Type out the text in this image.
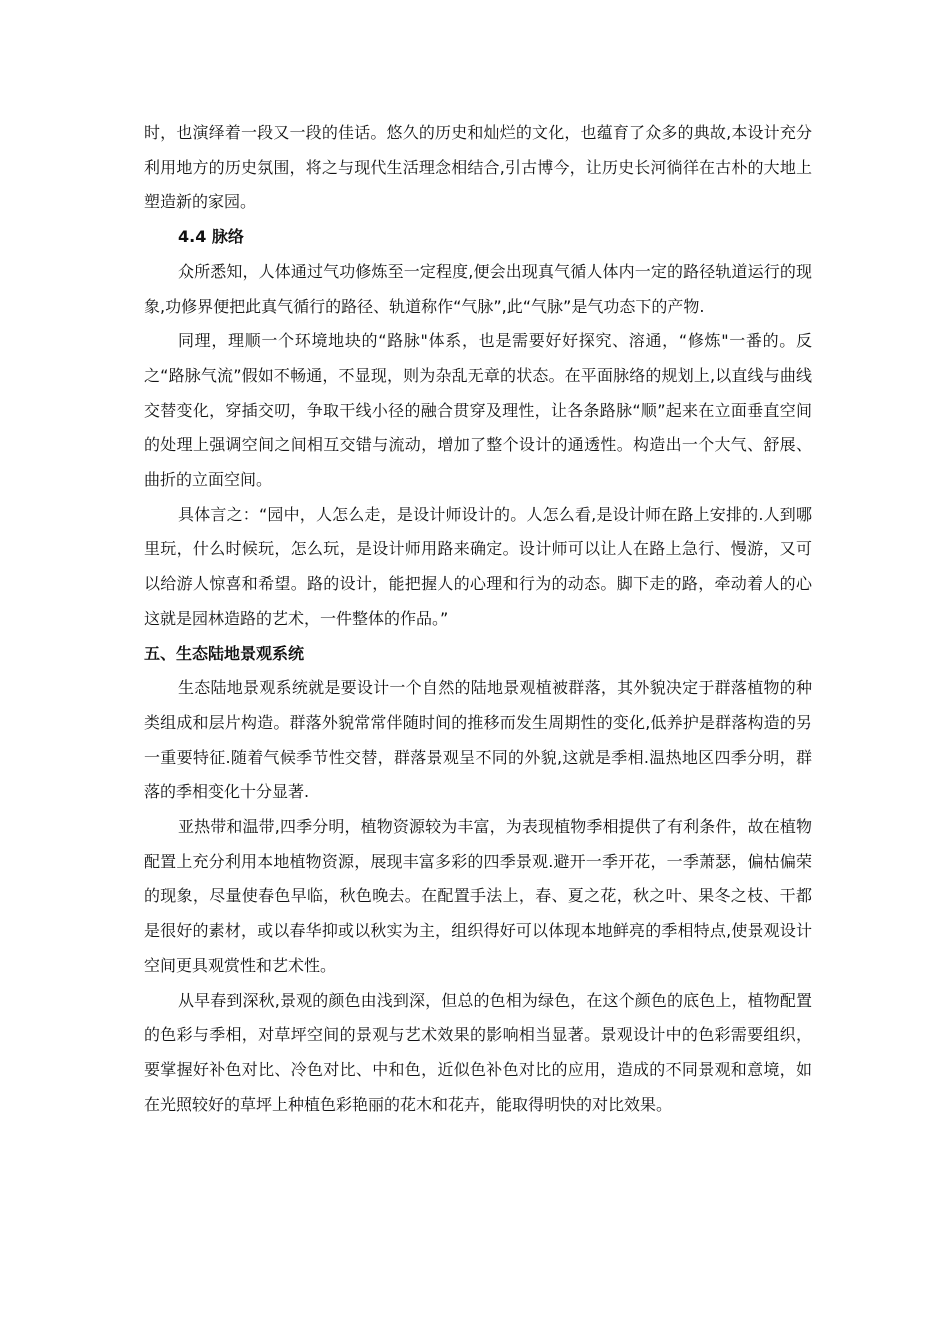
时，也演绎着一段又一段的佳话。悠久的历史和灿烂的文化，也蕴育了众多的典故,本设计充分利用地方的历史氛围，将之与现代生活理念相结合,引古博今，让历史长河徜徉在古朴的大地上塑造新的家园。

4.4 脉络

众所悉知，人体通过气功修炼至一定程度,便会出现真气循人体内一定的路径轨道运行的现象,功修界便把此真气循行的路径、轨道称作“气脉”,此“气脉”是气功态下的产物.

同理，理顺一个环境地块的“路脉"体系，也是需要好好探究、溶通，“修炼"一番的。反之“路脉气流”假如不畅通，不显现，则为杂乱无章的状态。在平面脉络的规划上,以直线与曲线交替变化，穿插交叨，争取干线小径的融合贯穿及理性，让各条路脉“顺”起来在立面垂直空间的处理上强调空间之间相互交错与流动，增加了整个设计的通透性。构造出一个大气、舒展、曲折的立面空间。

具体言之：“园中，人怎么走，是设计师设计的。人怎么看,是设计师在路上安排的.人到哪里玩，什么时候玩，怎么玩，是设计师用路来确定。设计师可以让人在路上急行、慢游，又可以给游人惊喜和希望。路的设计，能把握人的心理和行为的动态。脚下走的路，牵动着人的心这就是园林造路的艺术，一件整体的作品。”

五、生态陆地景观系统

生态陆地景观系统就是要设计一个自然的陆地景观植被群落，其外貌决定于群落植物的种类组成和层片构造。群落外貌常常伴随时间的推移而发生周期性的变化,低养护是群落构造的另一重要特征.随着气候季节性交替，群落景观呈不同的外貌,这就是季相.温热地区四季分明，群落的季相变化十分显著.

亚热带和温带,四季分明，植物资源较为丰富，为表现植物季相提供了有利条件，故在植物配置上充分利用本地植物资源，展现丰富多彩的四季景观.避开一季开花，一季萧瑟，偏枯偏荣的现象，尽量使春色早临，秋色晚去。在配置手法上，春、夏之花，秋之叶、果冬之枝、干都是很好的素材，或以春华抑或以秋实为主，组织得好可以体现本地鲜亮的季相特点,使景观设计空间更具观赏性和艺术性。

从早春到深秋,景观的颜色由浅到深，但总的色相为绿色，在这个颜色的底色上，植物配置的色彩与季相，对草坪空间的景观与艺术效果的影响相当显著。景观设计中的色彩需要组织，要掌握好补色对比、冷色对比、中和色，近似色补色对比的应用，造成的不同景观和意境，如在光照较好的草坪上种植色彩艳丽的花木和花卉，能取得明快的对比效果。
